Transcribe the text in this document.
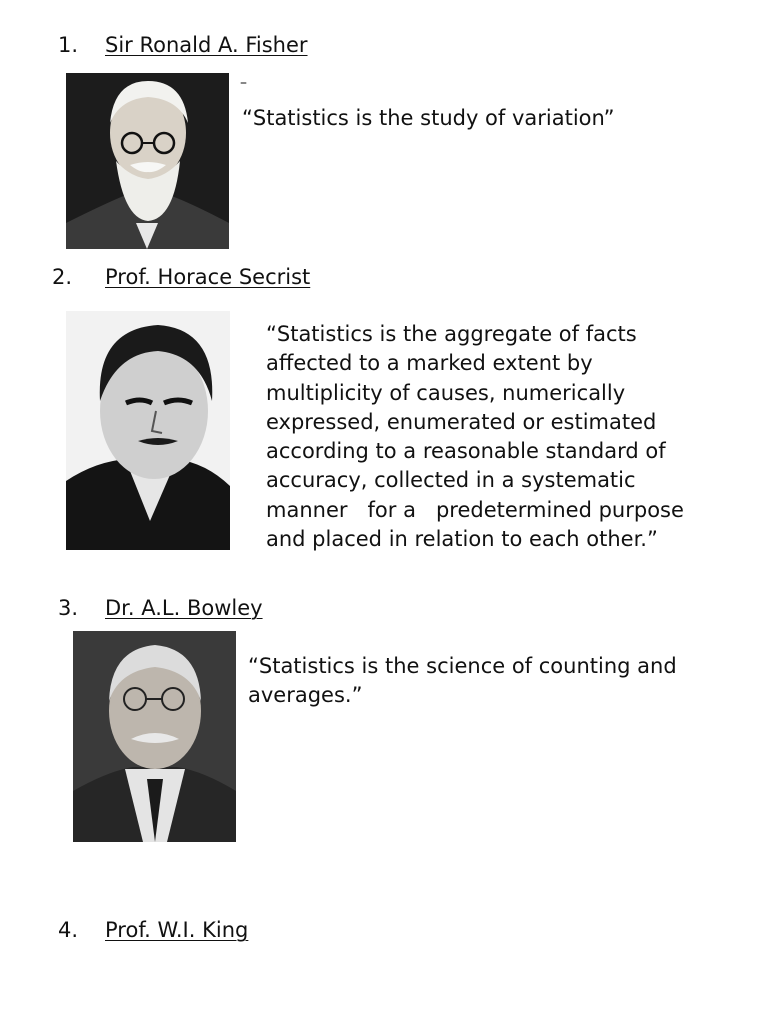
1. Sir Ronald A. Fisher
–
“Statistics is the study of variation”
2. Prof. Horace Secrist
“Statistics is the aggregate of facts
affected to a marked extent by
multiplicity of causes, numerically
expressed, enumerated or estimated
according to a reasonable standard of
accuracy, collected in a systematic
manner   for a   predetermined purpose
and placed in relation to each other.”
3. Dr. A.L. Bowley
“Statistics is the science of counting and
averages.”
4. Prof. W.I. King
